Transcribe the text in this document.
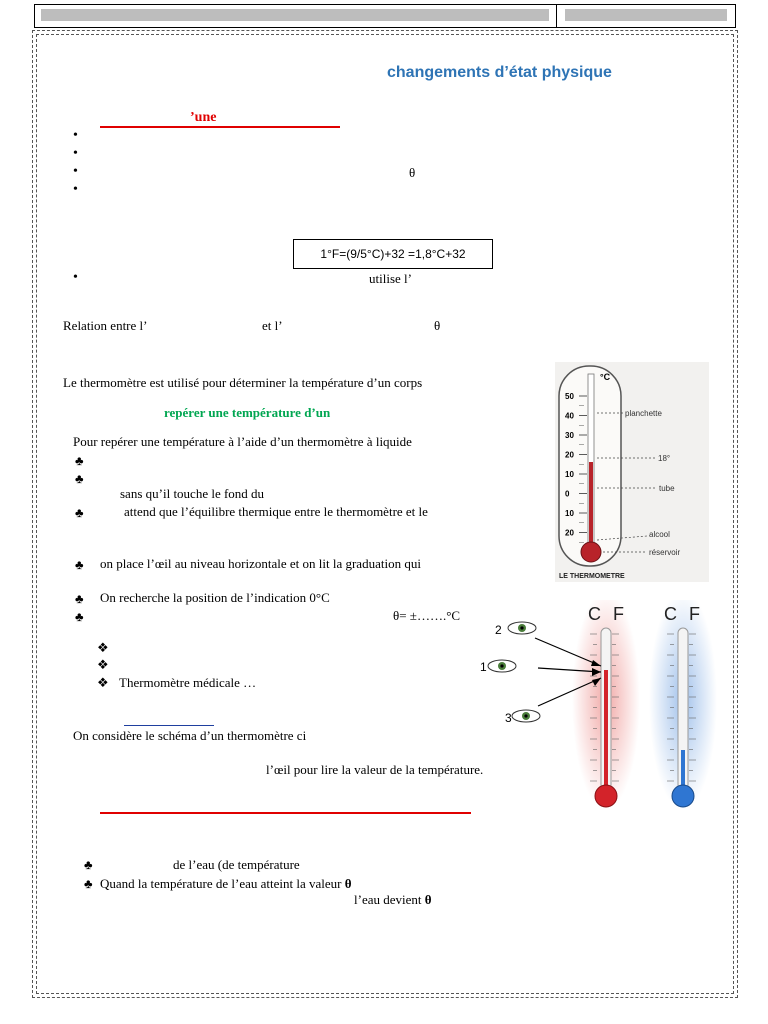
changements d’état physique
’une
•
•
•	θ
•
1°F=(9/5°C)+32 =1,8°C+32
•	utilise l’
Relation entre l’	et l’	θ
Le thermomètre est utilisé pour déterminer la température d’un corps
repérer une température d’un
Pour repérer une température à l’aide d’un thermomètre à liquide
♣
♣
sans qu’il touche le fond du
♣	attend que l’équilibre thermique entre le thermomètre et le
♣ on place l’œil au niveau horizontale et on lit la graduation qui
♣ On recherche la position de l’indication 0°C
♣	θ= ±…….°C
❖
❖
❖ Thermomètre médicale …
On considère le schéma d’un thermomètre ci
l’œil pour lire la valeur de la température.
♣	de l’eau (de température
♣ Quand la température de l’eau atteint la valeur θ
l’eau devient θ
°C
50
40
30
20
10
0
10
20
planchette
18°
tube
alcool
réservoir
LE THERMOMETRE
C F C F
2
1
3
